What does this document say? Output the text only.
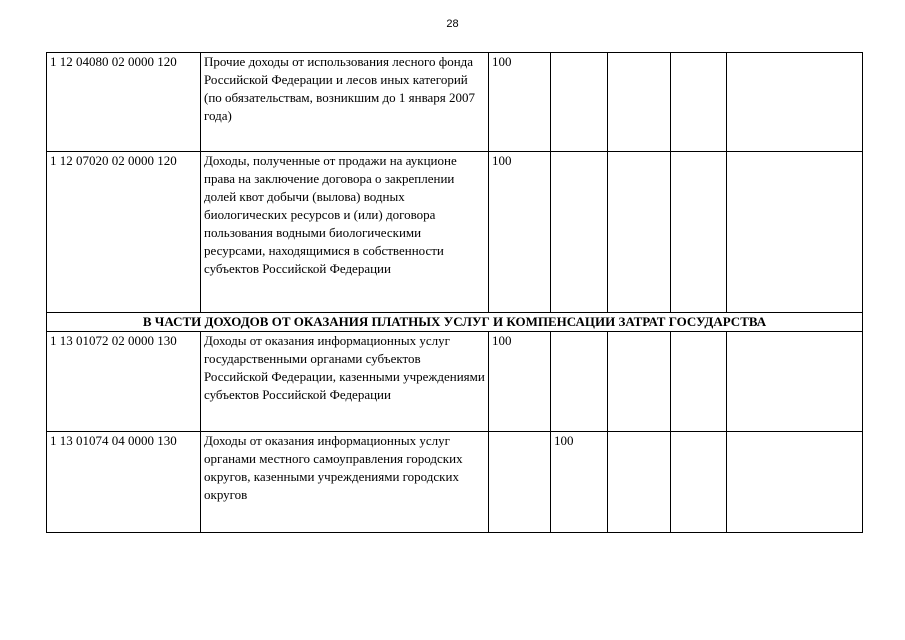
28
1 12 04080 02 0000 120	Прочие доходы от использования лесного фонда Российской Федерации и лесов иных категорий (по обязательствам, возникшим до 1 января 2007 года)	100				
1 12 07020 02 0000 120	Доходы, полученные от продажи на аукционе права на заключение договора о закреплении долей квот добычи (вылова) водных биологических ресурсов и (или) договора пользования водными биологическими ресурсами, находящимися в собственности субъектов Российской Федерации	100				
В ЧАСТИ ДОХОДОВ ОТ ОКАЗАНИЯ ПЛАТНЫХ УСЛУГ И КОМПЕНСАЦИИ ЗАТРАТ ГОСУДАРСТВА						
1 13 01072 02 0000 130	Доходы от оказания информационных услуг государственными органами субъектов Российской Федерации, казенными учреждениями субъектов Российской Федерации	100				
1 13 01074 04 0000 130	Доходы от оказания информационных услуг органами местного самоуправления городских округов, казенными учреждениями городских округов		100			
